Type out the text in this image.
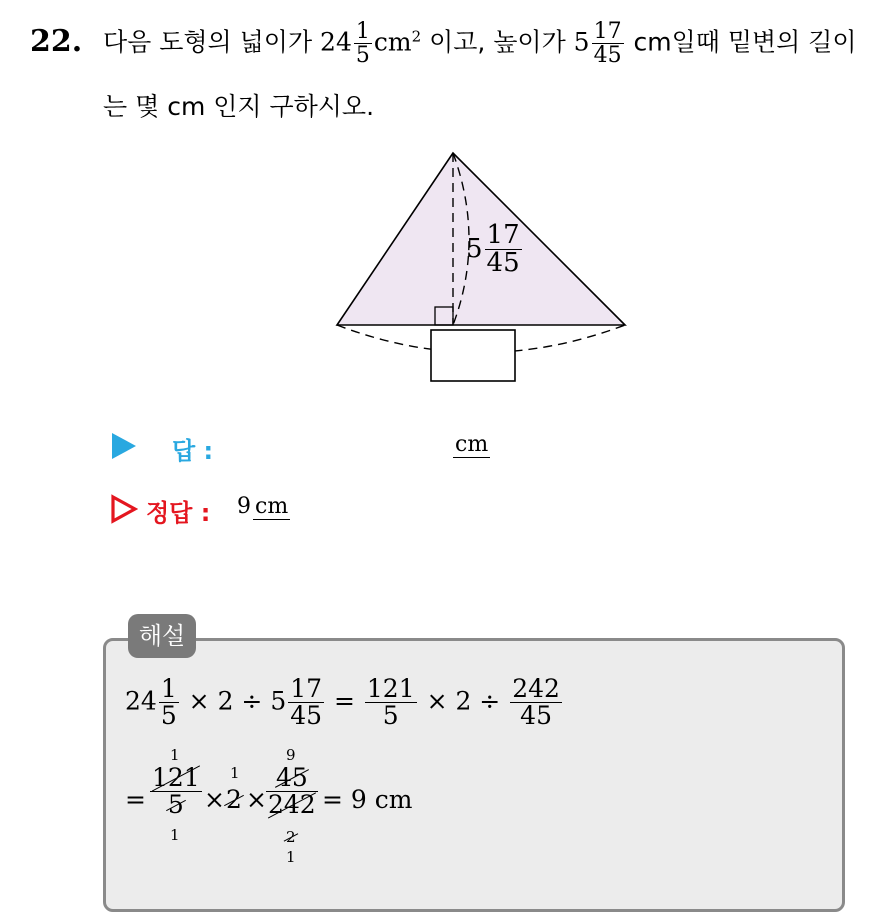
22. 다음 도형의 넓이가 $24 \frac{1}{5} cm^2$ 이고, 높이가 $5 \frac{17}{45}$ cm일때 밑변의 길이
는 몇 cm 인지 구하시오.
$5 \frac{17}{45}$
답 :	cm
정답 : 9 cm
해설
$24 \frac{1}{5} \times 2 \div 5 \frac{17}{45} = \frac{121}{5} \times 2 \div \frac{242}{45}$
=
1
$\frac{121}{5}$
1
×
1
2 ×
9
$\frac{45}{242}$
2
1
= 9 cm
